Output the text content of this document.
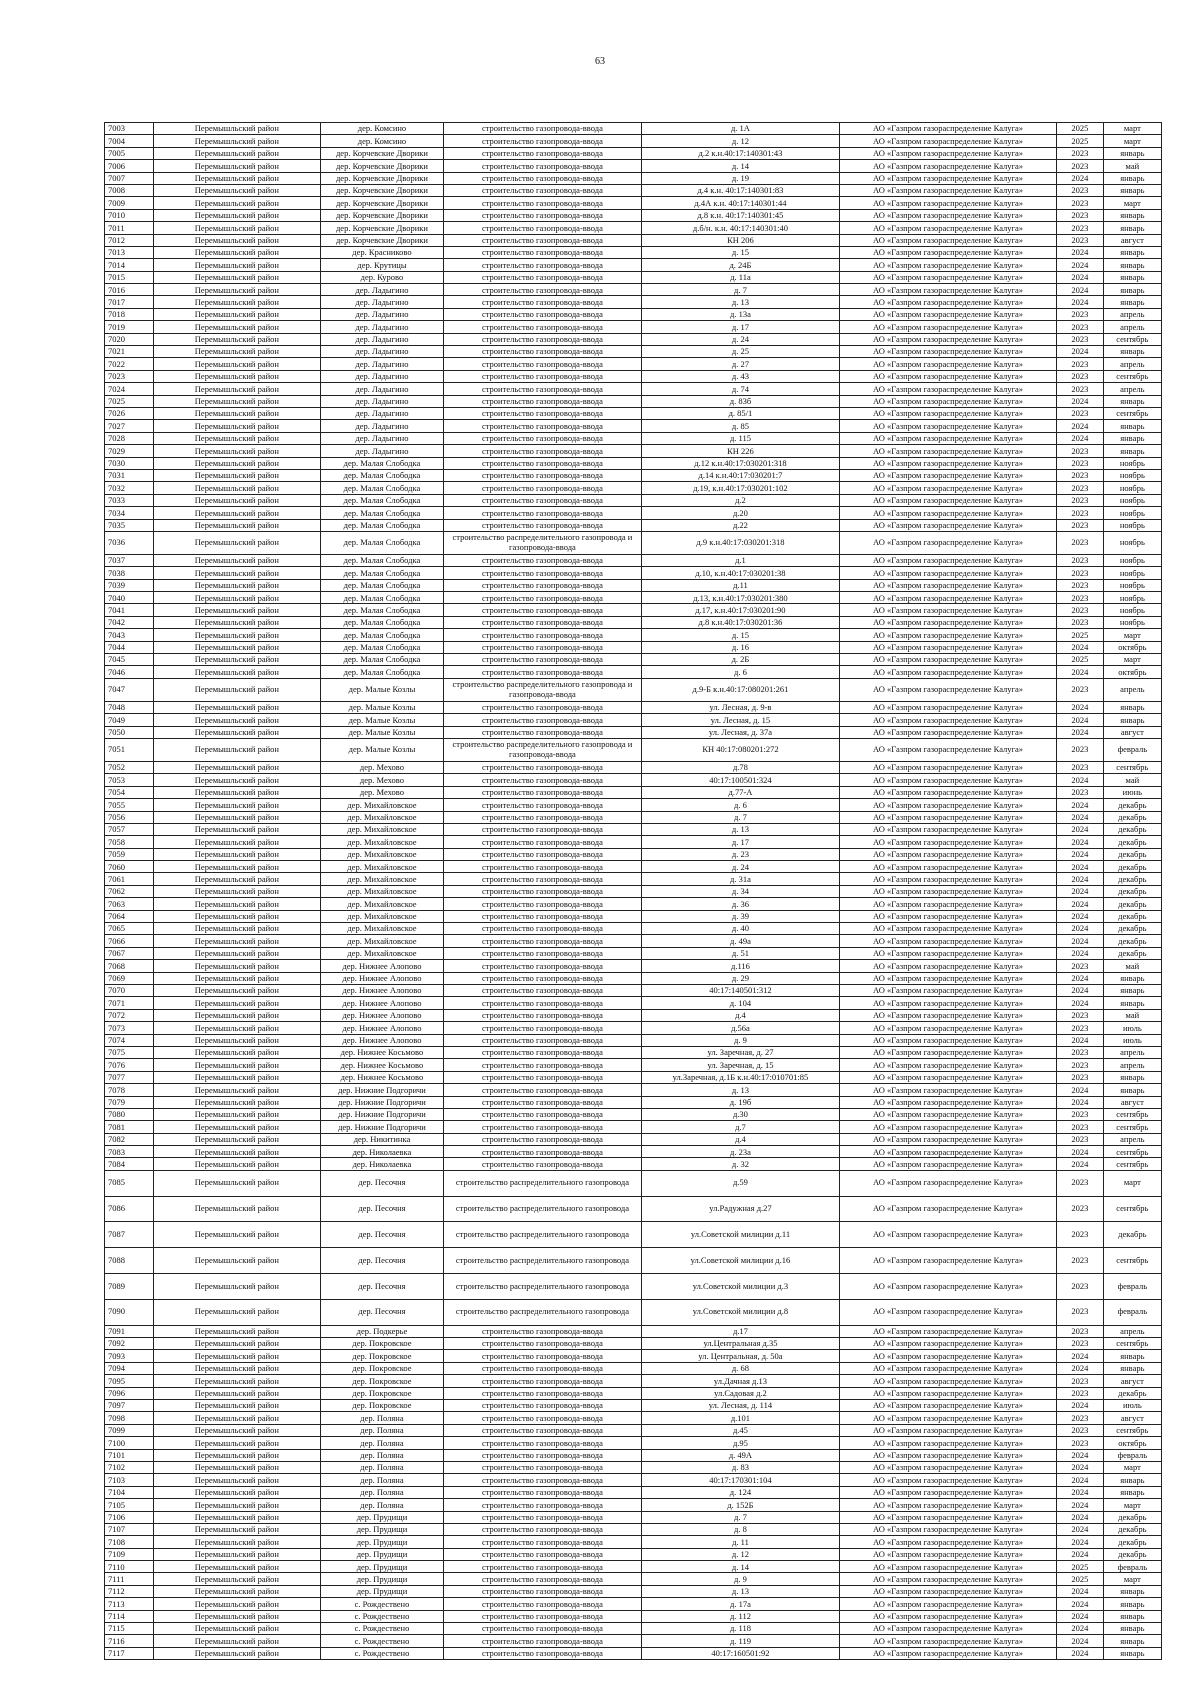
63
7003	Перемышльский район	дер. Комсино	строительство газопровода-ввода	д. 1А	АО «Газпром газораспределение Калуга»	2025	март
7004	Перемышльский район	дер. Комсино	строительство газопровода-ввода	д. 12	АО «Газпром газораспределение Калуга»	2025	март
7005	Перемышльский район	дер. Корчевские Дворики	строительство газопровода-ввода	д.2 к.н.40:17:140301:43	АО «Газпром газораспределение Калуга»	2023	январь
7006	Перемышльский район	дер. Корчевские Дворики	строительство газопровода-ввода	д. 14	АО «Газпром газораспределение Калуга»	2023	май
7007	Перемышльский район	дер. Корчевские Дворики	строительство газопровода-ввода	д. 19	АО «Газпром газораспределение Калуга»	2024	январь
7008	Перемышльский район	дер. Корчевские Дворики	строительство газопровода-ввода	д.4 к.н. 40:17:140301:83	АО «Газпром газораспределение Калуга»	2023	январь
7009	Перемышльский район	дер. Корчевские Дворики	строительство газопровода-ввода	д.4А к.н. 40:17:140301:44	АО «Газпром газораспределение Калуга»	2023	март
7010	Перемышльский район	дер. Корчевские Дворики	строительство газопровода-ввода	д.8 к.н. 40:17:140301:45	АО «Газпром газораспределение Калуга»	2023	январь
7011	Перемышльский район	дер. Корчевские Дворики	строительство газопровода-ввода	д.б/н. к.н. 40:17:140301:40	АО «Газпром газораспределение Калуга»	2023	январь
7012	Перемышльский район	дер. Корчевские Дворики	строительство газопровода-ввода	КН 206	АО «Газпром газораспределение Калуга»	2023	август
7013	Перемышльский район	дер. Красниково	строительство газопровода-ввода	д. 15	АО «Газпром газораспределение Калуга»	2024	январь
7014	Перемышльский район	дер. Крутицы	строительство газопровода-ввода	д. 24Б	АО «Газпром газораспределение Калуга»	2024	январь
7015	Перемышльский район	дер. Куровo	строительство газопровода-ввода	д. 11а	АО «Газпром газораспределение Калуга»	2024	январь
7016	Перемышльский район	дер. Ладыгино	строительство газопровода-ввода	д. 7	АО «Газпром газораспределение Калуга»	2024	январь
7017	Перемышльский район	дер. Ладыгино	строительство газопровода-ввода	д. 13	АО «Газпром газораспределение Калуга»	2024	январь
7018	Перемышльский район	дер. Ладыгино	строительство газопровода-ввода	д. 13а	АО «Газпром газораспределение Калуга»	2023	апрель
7019	Перемышльский район	дер. Ладыгино	строительство газопровода-ввода	д. 17	АО «Газпром газораспределение Калуга»	2023	апрель
7020	Перемышльский район	дер. Ладыгино	строительство газопровода-ввода	д. 24	АО «Газпром газораспределение Калуга»	2023	сентябрь
7021	Перемышльский район	дер. Ладыгино	строительство газопровода-ввода	д. 25	АО «Газпром газораспределение Калуга»	2024	январь
7022	Перемышльский район	дер. Ладыгино	строительство газопровода-ввода	д. 27	АО «Газпром газораспределение Калуга»	2023	апрель
7023	Перемышльский район	дер. Ладыгино	строительство газопровода-ввода	д. 43	АО «Газпром газораспределение Калуга»	2023	сентябрь
7024	Перемышльский район	дер. Ладыгино	строительство газопровода-ввода	д. 74	АО «Газпром газораспределение Калуга»	2023	апрель
7025	Перемышльский район	дер. Ладыгино	строительство газопровода-ввода	д. 83б	АО «Газпром газораспределение Калуга»	2024	январь
7026	Перемышльский район	дер. Ладыгино	строительство газопровода-ввода	д. 85/1	АО «Газпром газораспределение Калуга»	2023	сентябрь
7027	Перемышльский район	дер. Ладыгино	строительство газопровода-ввода	д. 85	АО «Газпром газораспределение Калуга»	2024	январь
7028	Перемышльский район	дер. Ладыгино	строительство газопровода-ввода	д. 115	АО «Газпром газораспределение Калуга»	2024	январь
7029	Перемышльский район	дер. Ладыгино	строительство газопровода-ввода	КН 226	АО «Газпром газораспределение Калуга»	2023	январь
7030	Перемышльский район	дер. Малая Слободка	строительство газопровода-ввода	д.12 к.н.40:17:030201:318	АО «Газпром газораспределение Калуга»	2023	ноябрь
7031	Перемышльский район	дер. Малая Слободка	строительство газопровода-ввода	д.14 к.н.40:17:030201:7	АО «Газпром газораспределение Калуга»	2023	ноябрь
7032	Перемышльский район	дер. Малая Слободка	строительство газопровода-ввода	д.19, к.н.40:17:030201:102	АО «Газпром газораспределение Калуга»	2023	ноябрь
7033	Перемышльский район	дер. Малая Слободка	строительство газопровода-ввода	д.2	АО «Газпром газораспределение Калуга»	2023	ноябрь
7034	Перемышльский район	дер. Малая Слободка	строительство газопровода-ввода	д.20	АО «Газпром газораспределение Калуга»	2023	ноябрь
7035	Перемышльский район	дер. Малая Слободка	строительство газопровода-ввода	д.22	АО «Газпром газораспределение Калуга»	2023	ноябрь
7036	Перемышльский район	дер. Малая Слободка	строительство распределительного газопровода и газопровода-ввода	д.9 к.н.40:17:030201:318	АО «Газпром газораспределение Калуга»	2023	ноябрь
7037	Перемышльский район	дер. Малая Слободка	строительство газопровода-ввода	д.1	АО «Газпром газораспределение Калуга»	2023	ноябрь
7038	Перемышльский район	дер. Малая Слободка	строительство газопровода-ввода	д.10, к.н.40:17:030201:38	АО «Газпром газораспределение Калуга»	2023	ноябрь
7039	Перемышльский район	дер. Малая Слободка	строительство газопровода-ввода	д.11	АО «Газпром газораспределение Калуга»	2023	ноябрь
7040	Перемышльский район	дер. Малая Слободка	строительство газопровода-ввода	д.13, к.н.40:17:030201:380	АО «Газпром газораспределение Калуга»	2023	ноябрь
7041	Перемышльский район	дер. Малая Слободка	строительство газопровода-ввода	д.17, к.н.40:17:030201:90	АО «Газпром газораспределение Калуга»	2023	ноябрь
7042	Перемышльский район	дер. Малая Слободка	строительство газопровода-ввода	д.8 к.н.40:17:030201:36	АО «Газпром газораспределение Калуга»	2023	ноябрь
7043	Перемышльский район	дер. Малая Слободка	строительство газопровода-ввода	д. 15	АО «Газпром газораспределение Калуга»	2025	март
7044	Перемышльский район	дер. Малая Слободка	строительство газопровода-ввода	д. 16	АО «Газпром газораспределение Калуга»	2024	октябрь
7045	Перемышльский район	дер. Малая Слободка	строительство газопровода-ввода	д. 2Б	АО «Газпром газораспределение Калуга»	2025	март
7046	Перемышльский район	дер. Малая Слободка	строительство газопровода-ввода	д. 6	АО «Газпром газораспределение Калуга»	2024	октябрь
7047	Перемышльский район	дер. Малые Козлы	строительство распределительного газопровода и газопровода-ввода	д.9-Б к.н.40:17:080201:261	АО «Газпром газораспределение Калуга»	2023	апрель
7048	Перемышльский район	дер. Малые Козлы	строительство газопровода-ввода	ул. Лесная, д. 9-в	АО «Газпром газораспределение Калуга»	2024	январь
7049	Перемышльский район	дер. Малые Козлы	строительство газопровода-ввода	ул. Лесная, д. 15	АО «Газпром газораспределение Калуга»	2024	январь
7050	Перемышльский район	дер. Малые Козлы	строительство газопровода-ввода	ул. Лесная, д. 37а	АО «Газпром газораспределение Калуга»	2024	август
7051	Перемышльский район	дер. Малые Козлы	строительство распределительного газопровода и газопровода-ввода	КН 40:17:080201:272	АО «Газпром газораспределение Калуга»	2023	февраль
7052	Перемышльский район	дер. Мехово	строительство газопровода-ввода	д.78	АО «Газпром газораспределение Калуга»	2023	сентябрь
7053	Перемышльский район	дер. Мехово	строительство газопровода-ввода	40:17:100501:324	АО «Газпром газораспределение Калуга»	2024	май
7054	Перемышльский район	дер. Мехово	строительство газопровода-ввода	д.77-А	АО «Газпром газораспределение Калуга»	2023	июнь
7055	Перемышльский район	дер. Михайловское	строительство газопровода-ввода	д. 6	АО «Газпром газораспределение Калуга»	2024	декабрь
7056	Перемышльский район	дер. Михайловское	строительство газопровода-ввода	д. 7	АО «Газпром газораспределение Калуга»	2024	декабрь
7057	Перемышльский район	дер. Михайловское	строительство газопровода-ввода	д. 13	АО «Газпром газораспределение Калуга»	2024	декабрь
7058	Перемышльский район	дер. Михайловское	строительство газопровода-ввода	д. 17	АО «Газпром газораспределение Калуга»	2024	декабрь
7059	Перемышльский район	дер. Михайловское	строительство газопровода-ввода	д. 23	АО «Газпром газораспределение Калуга»	2024	декабрь
7060	Перемышльский район	дер. Михайловское	строительство газопровода-ввода	д. 24	АО «Газпром газораспределение Калуга»	2024	декабрь
7061	Перемышльский район	дер. Михайловское	строительство газопровода-ввода	д. 31а	АО «Газпром газораспределение Калуга»	2024	декабрь
7062	Перемышльский район	дер. Михайловское	строительство газопровода-ввода	д. 34	АО «Газпром газораспределение Калуга»	2024	декабрь
7063	Перемышльский район	дер. Михайловское	строительство газопровода-ввода	д. 36	АО «Газпром газораспределение Калуга»	2024	декабрь
7064	Перемышльский район	дер. Михайловское	строительство газопровода-ввода	д. 39	АО «Газпром газораспределение Калуга»	2024	декабрь
7065	Перемышльский район	дер. Михайловское	строительство газопровода-ввода	д. 40	АО «Газпром газораспределение Калуга»	2024	декабрь
7066	Перемышльский район	дер. Михайловское	строительство газопровода-ввода	д. 49а	АО «Газпром газораспределение Калуга»	2024	декабрь
7067	Перемышльский район	дер. Михайловское	строительство газопровода-ввода	д. 51	АО «Газпром газораспределение Калуга»	2024	декабрь
7068	Перемышльский район	дер. Нижнее Алопово	строительство газопровода-ввода	д.116	АО «Газпром газораспределение Калуга»	2023	май
7069	Перемышльский район	дер. Нижнее Алопово	строительство газопровода-ввода	д. 29	АО «Газпром газораспределение Калуга»	2024	январь
7070	Перемышльский район	дер. Нижнее Алопово	строительство газопровода-ввода	40:17:140501:312	АО «Газпром газораспределение Калуга»	2024	январь
7071	Перемышльский район	дер. Нижнее Алопово	строительство газопровода-ввода	д. 104	АО «Газпром газораспределение Калуга»	2024	январь
7072	Перемышльский район	дер. Нижнее Алопово	строительство газопровода-ввода	д.4	АО «Газпром газораспределение Калуга»	2023	май
7073	Перемышльский район	дер. Нижнее Алопово	строительство газопровода-ввода	д.56а	АО «Газпром газораспределение Калуга»	2023	июль
7074	Перемышльский район	дер. Нижнее Алопово	строительство газопровода-ввода	д. 9	АО «Газпром газораспределение Калуга»	2024	июль
7075	Перемышльский район	дер. Нижнее Косьмово	строительство газопровода-ввода	ул. Заречная, д. 27	АО «Газпром газораспределение Калуга»	2023	апрель
7076	Перемышльский район	дер. Нижнее Косьмово	строительство газопровода-ввода	ул. Заречная, д. 15	АО «Газпром газораспределение Калуга»	2023	апрель
7077	Перемышльский район	дер. Нижнее Косьмово	строительство газопровода-ввода	ул.Заречная, д.1Б к.н.40:17:010701:85	АО «Газпром газораспределение Калуга»	2023	январь
7078	Перемышльский район	дер. Нижние Подгоричи	строительство газопровода-ввода	д. 13	АО «Газпром газораспределение Калуга»	2024	январь
7079	Перемышльский район	дер. Нижние Подгоричи	строительство газопровода-ввода	д. 19б	АО «Газпром газораспределение Калуга»	2024	август
7080	Перемышльский район	дер. Нижние Подгоричи	строительство газопровода-ввода	д.30	АО «Газпром газораспределение Калуга»	2023	сентябрь
7081	Перемышльский район	дер. Нижние Подгоричи	строительство газопровода-ввода	д.7	АО «Газпром газораспределение Калуга»	2023	сентябрь
7082	Перемышльский район	дер. Никитинка	строительство газопровода-ввода	д.4	АО «Газпром газораспределение Калуга»	2023	апрель
7083	Перемышльский район	дер. Николаевка	строительство газопровода-ввода	д. 23а	АО «Газпром газораспределение Калуга»	2024	сентябрь
7084	Перемышльский район	дер. Николаевка	строительство газопровода-ввода	д. 32	АО «Газпром газораспределение Калуга»	2024	сентябрь
7085	Перемышльский район	дер. Песочня	строительство распределительного газопровода	д.59	АО «Газпром газораспределение Калуга»	2023	март
7086	Перемышльский район	дер. Песочня	строительство распределительного газопровода	ул.Радужная д.27	АО «Газпром газораспределение Калуга»	2023	сентябрь
7087	Перемышльский район	дер. Песочня	строительство распределительного газопровода	ул.Советской милиции д.11	АО «Газпром газораспределение Калуга»	2023	декабрь
7088	Перемышльский район	дер. Песочня	строительство распределительного газопровода	ул.Советской милиции д.16	АО «Газпром газораспределение Калуга»	2023	сентябрь
7089	Перемышльский район	дер. Песочня	строительство распределительного газопровода	ул.Советской милиции д.3	АО «Газпром газораспределение Калуга»	2023	февраль
7090	Перемышльский район	дер. Песочня	строительство распределительного газопровода	ул.Советской милиции д.8	АО «Газпром газораспределение Калуга»	2023	февраль
7091	Перемышльский район	дер. Подкерье	строительство газопровода-ввода	д.17	АО «Газпром газораспределение Калуга»	2023	апрель
7092	Перемышльский район	дер. Покровское	строительство газопровода-ввода	ул.Центральная д.35	АО «Газпром газораспределение Калуга»	2023	сентябрь
7093	Перемышльский район	дер. Покровское	строительство газопровода-ввода	ул. Центральная, д. 50а	АО «Газпром газораспределение Калуга»	2024	январь
7094	Перемышльский район	дер. Покровское	строительство газопровода-ввода	д. 68	АО «Газпром газораспределение Калуга»	2024	январь
7095	Перемышльский район	дер. Покровское	строительство газопровода-ввода	ул.Дачная д.13	АО «Газпром газораспределение Калуга»	2023	август
7096	Перемышльский район	дер. Покровское	строительство газопровода-ввода	ул.Садовая д.2	АО «Газпром газораспределение Калуга»	2023	декабрь
7097	Перемышльский район	дер. Покровское	строительство газопровода-ввода	ул. Лесная, д. 114	АО «Газпром газораспределение Калуга»	2024	июль
7098	Перемышльский район	дер. Поляна	строительство газопровода-ввода	д.101	АО «Газпром газораспределение Калуга»	2023	август
7099	Перемышльский район	дер. Поляна	строительство газопровода-ввода	д.45	АО «Газпром газораспределение Калуга»	2023	сентябрь
7100	Перемышльский район	дер. Поляна	строительство газопровода-ввода	д.95	АО «Газпром газораспределение Калуга»	2023	октябрь
7101	Перемышльский район	дер. Поляна	строительство газопровода-ввода	д. 49А	АО «Газпром газораспределение Калуга»	2024	февраль
7102	Перемышльский район	дер. Поляна	строительство газопровода-ввода	д. 83	АО «Газпром газораспределение Калуга»	2024	март
7103	Перемышльский район	дер. Поляна	строительство газопровода-ввода	40:17:170301:104	АО «Газпром газораспределение Калуга»	2024	январь
7104	Перемышльский район	дер. Поляна	строительство газопровода-ввода	д. 124	АО «Газпром газораспределение Калуга»	2024	январь
7105	Перемышльский район	дер. Поляна	строительство газопровода-ввода	д. 152Б	АО «Газпром газораспределение Калуга»	2024	март
7106	Перемышльский район	дер. Прудищи	строительство газопровода-ввода	д. 7	АО «Газпром газораспределение Калуга»	2024	декабрь
7107	Перемышльский район	дер. Прудищи	строительство газопровода-ввода	д. 8	АО «Газпром газораспределение Калуга»	2024	декабрь
7108	Перемышльский район	дер. Прудищи	строительство газопровода-ввода	д. 11	АО «Газпром газораспределение Калуга»	2024	декабрь
7109	Перемышльский район	дер. Прудищи	строительство газопровода-ввода	д. 12	АО «Газпром газораспределение Калуга»	2024	декабрь
7110	Перемышльский район	дер. Прудищи	строительство газопровода-ввода	д. 14	АО «Газпром газораспределение Калуга»	2025	февраль
7111	Перемышльский район	дер. Прудищи	строительство газопровода-ввода	д. 9	АО «Газпром газораспределение Калуга»	2025	март
7112	Перемышльский район	дер. Прудищи	строительство газопровода-ввода	д. 13	АО «Газпром газораспределение Калуга»	2024	январь
7113	Перемышльский район	с. Рождествено	строительство газопровода-ввода	д. 17а	АО «Газпром газораспределение Калуга»	2024	январь
7114	Перемышльский район	с. Рождествено	строительство газопровода-ввода	д. 112	АО «Газпром газораспределение Калуга»	2024	январь
7115	Перемышльский район	с. Рождествено	строительство газопровода-ввода	д. 118	АО «Газпром газораспределение Калуга»	2024	январь
7116	Перемышльский район	с. Рождествено	строительство газопровода-ввода	д. 119	АО «Газпром газораспределение Калуга»	2024	январь
7117	Перемышльский район	с. Рождествено	строительство газопровода-ввода	40:17:160501:92	АО «Газпром газораспределение Калуга»	2024	январь
